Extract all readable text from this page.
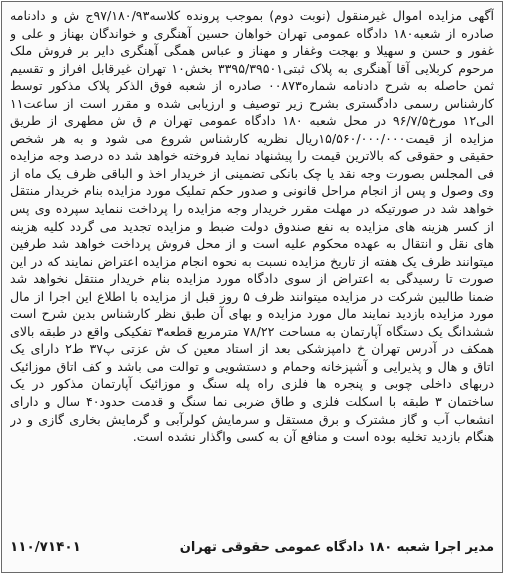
آگهی مزایده اموال غیرمنقول (نوبت دوم) بموجب پرونده کلاسه۹۷/۱۸۰/۹۳ج ش و دادنامه صادره از شعبه۱۸۰ دادگاه عمومی تهران خواهان حسین آهنگری و خواندگان بهناز و علی و غفور و حسن و سهیلا و بهجت وغفار و مهناز و عباس همگی آهنگری دایر بر فروش ملک مرحوم کربلایی آقا آهنگری به پلاک ثبتی۳۳۹۵/۳۹۵۰۱ بخش۱۰ تهران غیرقابل افراز و تقسیم ثمن حاصله به شرح دادنامه شماره۰۰۸۷۳ صادره از شعبه فوق الذکر پلاک مذکور توسط کارشناس رسمی دادگستری بشرح زیر توصیف و ارزیابی شده و مقرر است از ساعت۱۱ الی۱۲ مورخ۹۶/۷/۵ در محل شعبه ۱۸۰ دادگاه عمومی تهران م ق ش مطهری از طریق مزایده از قیمت۱۵/۵۶۰/۰۰۰/۰۰۰ریال نظریه کارشناس شروع می شود و به هر شخص حقیقی و حقوقی که بالاترین قیمت را پیشنهاد نماید فروخته خواهد شد ده درصد وجه مزایده فی المجلس بصورت وجه نقد یا چک بانکی تضمینی از خریدار اخذ و الباقی ظرف یک ماه از وی وصول و پس از انجام مراحل قانونی و صدور حکم تملیک مورد مزایده بنام خریدار منتقل خواهد شد در صورتیکه در مهلت مقرر خریدار وجه مزایده را پرداخت ننماید سپرده وی پس از کسر هزینه های مزایده به نفع صندوق دولت ضبط و مزایده تجدید می گردد کلیه هزینه های نقل و انتقال به عهده محکوم علیه است و از محل فروش پرداخت خواهد شد طرفین میتوانند ظرف یک هفته از تاریخ مزایده نسبت به نحوه انجام مزایده اعتراض نمایند که در این صورت تا رسیدگی به اعتراض از سوی دادگاه مورد مزایده بنام خریدار منتقل نخواهد شد ضمنا طالبین شرکت در مزایده میتوانند ظرف ۵ روز قبل از مزایده با اطلاع این اجرا از مال مورد مزایده بازدید نمایند مال مورد مزایده و بهای آن طبق نظر کارشناس بدین شرح است ششدانگ یک دستگاه آپارتمان به مساحت ۷۸/۲۲ مترمربع قطعه۳ تفکیکی واقع در طبقه بالای همکف در آدرس تهران خ دامپزشکی بعد از استاد معین ک ش عزتی پ۳۷ ط۲ دارای یک اتاق و هال و پذیرایی و آشپزخانه وحمام و دستشویی و توالت می باشد و کف اتاق موزائیک دربهای داخلی چوبی و پنجره ها فلزی راه پله سنگ و موزائیک آپارتمان مذکور در یک ساختمان ۳ طبقه با اسکلت فلزی و طاق ضربی نما سنگ و قدمت حدود۴۰ سال و دارای انشعاب آب و گاز مشترک و برق مستقل و سرمایش کولرآبی و گرمایش بخاری گازی و در هنگام بازدید تخلیه بوده است و منافع آن به کسی واگذار نشده است.

مدیر اجرا شعبه ۱۸۰ دادگاه عمومی حقوقی تهران
۱۱۰/۷۱۴۰۱
